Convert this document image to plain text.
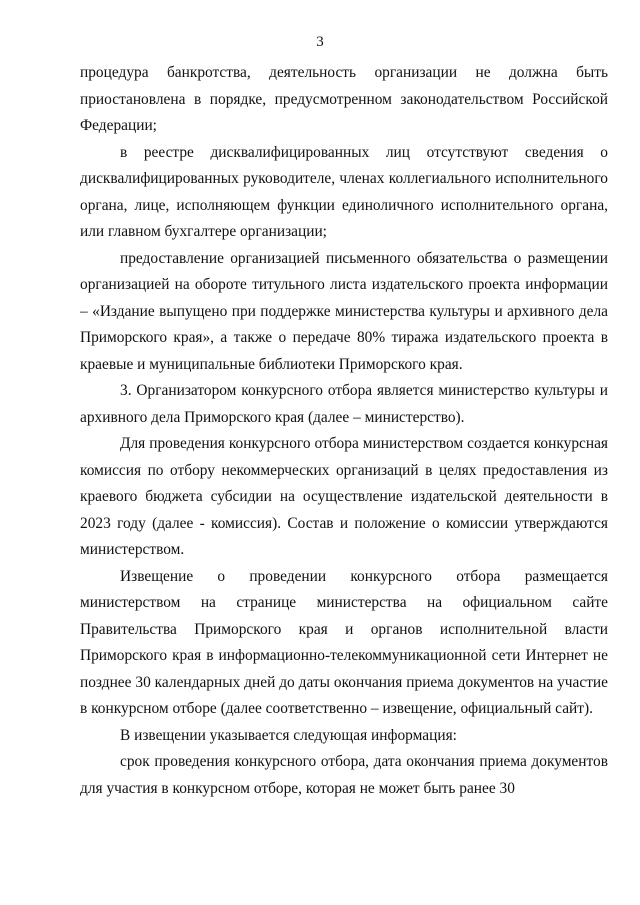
3

процедура банкротства, деятельность организации не должна быть приостановлена в порядке, предусмотренном законодательством Российской Федерации;

в реестре дисквалифицированных лиц отсутствуют сведения о дисквалифицированных руководителе, членах коллегиального исполнительного органа, лице, исполняющем функции единоличного исполнительного органа, или главном бухгалтере организации;

предоставление организацией письменного обязательства о размещении организацией на обороте титульного листа издательского проекта информации – «Издание выпущено при поддержке министерства культуры и архивного дела Приморского края», а также о передаче 80% тиража издательского проекта в краевые и муниципальные библиотеки Приморского края.

3. Организатором конкурсного отбора является министерство культуры и архивного дела Приморского края (далее – министерство).

Для проведения конкурсного отбора министерством создается конкурсная комиссия по отбору некоммерческих организаций в целях предоставления из краевого бюджета субсидии на осуществление издательской деятельности в 2023 году (далее - комиссия). Состав и положение о комиссии утверждаются министерством.

Извещение о проведении конкурсного отбора размещается министерством на странице министерства на официальном сайте Правительства Приморского края и органов исполнительной власти Приморского края в информационно-телекоммуникационной сети Интернет не позднее 30 календарных дней до даты окончания приема документов на участие в конкурсном отборе (далее соответственно – извещение, официальный сайт).

В извещении указывается следующая информация:

срок проведения конкурсного отбора, дата окончания приема документов для участия в конкурсном отборе, которая не может быть ранее 30
